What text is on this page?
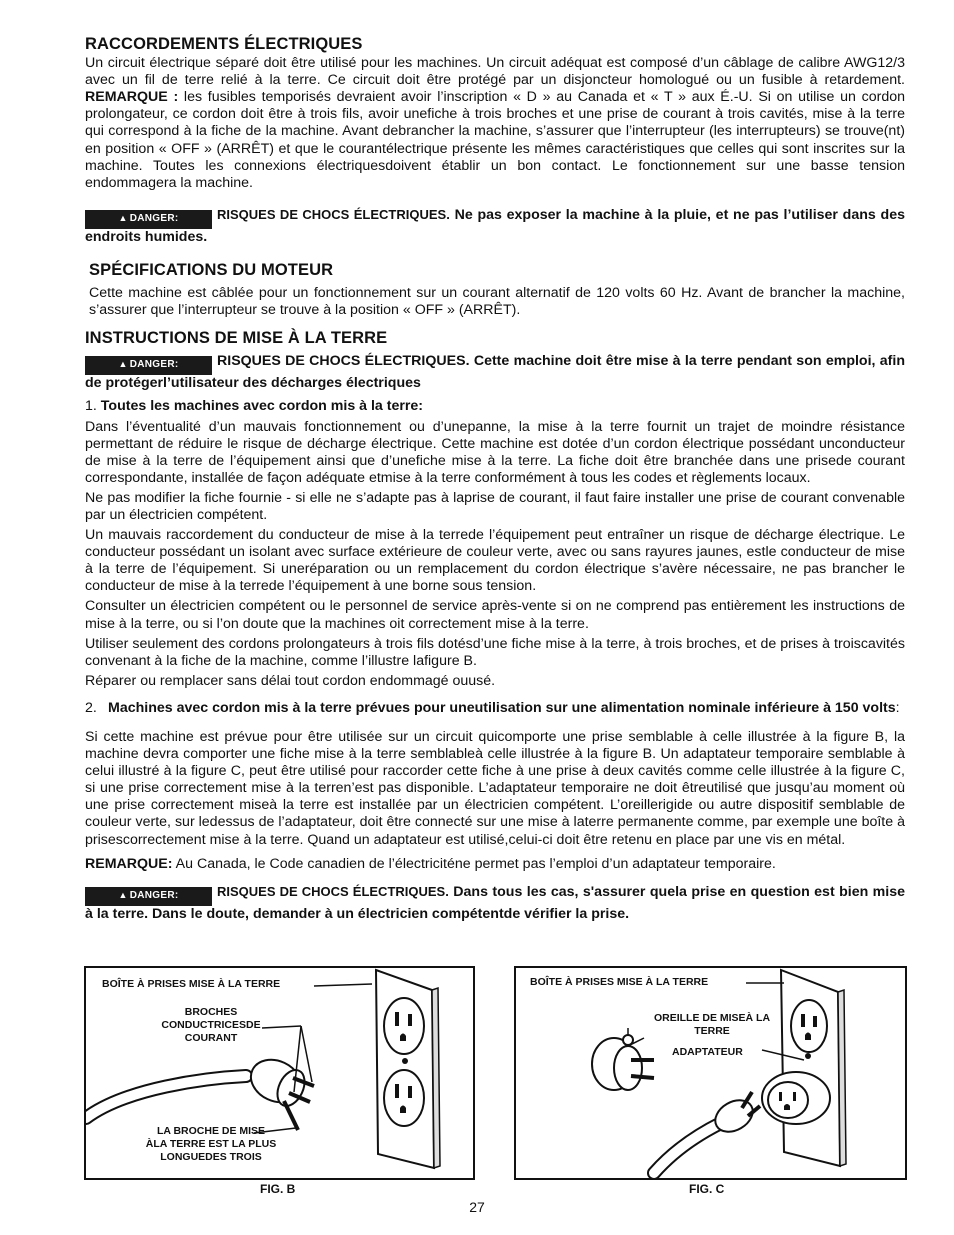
RACCORDEMENTS ÉLECTRIQUES

Un circuit électrique séparé doit être utilisé pour les machines. Un circuit adéquat est composé d’un câblage de calibre AWG12/3 avec un fil de terre relié à la terre. Ce circuit doit être protégé par un disjoncteur homologué ou un fusible à retardement. REMARQUE : les fusibles temporisés devraient avoir l’inscription « D » au Canada et « T » aux É.-U. Si on utilise un cordon prolongateur, ce cordon doit être à trois fils, avoir unefiche à trois broches et une prise de courant à trois cavités, mise à la terre qui correspond à la fiche de la machine. Avant debrancher la machine, s’assurer que l’interrupteur (les interrupteurs) se trouve(nt) en position « OFF » (ARRÊT) et que le courantélectrique présente les mêmes caractéristiques que celles qui sont inscrites sur la machine. Toutes les connexions électriquesdoivent établir un bon contact. Le fonctionnement sur une basse tension endommagera la machine.

▲ DANGER:	RISQUES DE CHOCS ÉLECTRIQUES. Ne pas exposer la machine à la pluie, et ne pas l’utiliser dans des endroits humides.

SPÉCIFICATIONS DU MOTEUR

Cette machine est câblée pour un fonctionnement sur un courant alternatif de 120 volts 60 Hz. Avant de brancher la machine, s’assurer que l’interrupteur se trouve à la position « OFF » (ARRÊT).

INSTRUCTIONS DE MISE À LA TERRE

▲ DANGER:	RISQUES DE CHOCS ÉLECTRIQUES. Cette machine doit être mise à la terre pendant son emploi, afin de protégerl’utilisateur des décharges électriques

1. Toutes les machines avec cordon mis à la terre:

Dans l’éventualité d’un mauvais fonctionnement ou d’unepanne, la mise à la terre fournit un trajet de moindre résistance permettant de réduire le risque de décharge électrique. Cette machine est dotée d’un cordon électrique possédant unconducteur de mise à la terre de l’équipement ainsi que d’unefiche mise à la terre. La fiche doit être branchée dans une prisede courant correspondante, installée de façon adéquate etmise à la terre conformément à tous les codes et règlements locaux.

Ne pas modifier la fiche fournie - si elle ne s’adapte pas à laprise de courant, il faut faire installer une prise de courant convenable par un électricien compétent.

Un mauvais raccordement du conducteur de mise à la terrede l’équipement peut entraîner un risque de décharge électrique. Le conducteur possédant un isolant avec surface extérieure de couleur verte, avec ou sans rayures jaunes, estle conducteur de mise à la terre de l’équipement. Si uneréparation ou un remplacement du cordon électrique s’avère nécessaire, ne pas brancher le conducteur de mise à la terrede l’équipement à une borne sous tension.

Consulter un électricien compétent ou le personnel de service après-vente si on ne comprend pas entièrement les instructions de mise à la terre, ou si l’on doute que la machines oit correctement mise à la terre.

Utiliser seulement des cordons prolongateurs à trois fils dotésd’une fiche mise à la terre, à trois broches, et de prises à troiscavités convenant à la fiche de la machine, comme l’illustre lafigure B.

Réparer ou remplacer sans délai tout cordon endommagé ouusé.

2. Machines avec cordon mis à la terre prévues pour uneutilisation sur une alimentation nominale inférieure à 150 volts:

Si cette machine est prévue pour être utilisée sur un circuit quicomporte une prise semblable à celle illustrée à la figure B, la machine devra comporter une fiche mise à la terre semblableà celle illustrée à la figure B. Un adaptateur temporaire semblable à celui illustré à la figure C, peut être utilisé pour raccorder cette fiche à une prise à deux cavités comme celle illustrée à la figure C, si une prise correctement mise à la terren’est pas disponible. L’adaptateur temporaire ne doit êtreutilisé que jusqu’au moment où une prise correctement miseà la terre est installée par un électricien compétent. L’oreillerigide ou autre dispositif semblable de couleur verte, sur ledessus de l’adaptateur, doit être connecté sur une mise à laterre permanente comme, par exemple une boîte à prisescorrectement mise à la terre. Quand un adaptateur est utilisé,celui-ci doit être retenu en place par une vis en métal.

REMARQUE: Au Canada, le Code canadien de l’électriciténe permet pas l’emploi d’un adaptateur temporaire.

▲ DANGER:	RISQUES DE CHOCS ÉLECTRIQUES. Dans tous les cas, s'assurer quela prise en question est bien mise à la terre. Dans le doute, demander à un électricien compétentde vérifier la prise.

BOÎTE À PRISES MISE À LA TERRE
BROCHES
CONDUCTRICESDE
COURANT
LA BROCHE DE MISE
ÀLA TERRE EST LA PLUS
LONGUEDES TROIS
FIG. B
BOÎTE À PRISES MISE À LA TERRE
OREILLE DE MISEÀ LA
TERRE
ADAPTATEUR
FIG. C
27
